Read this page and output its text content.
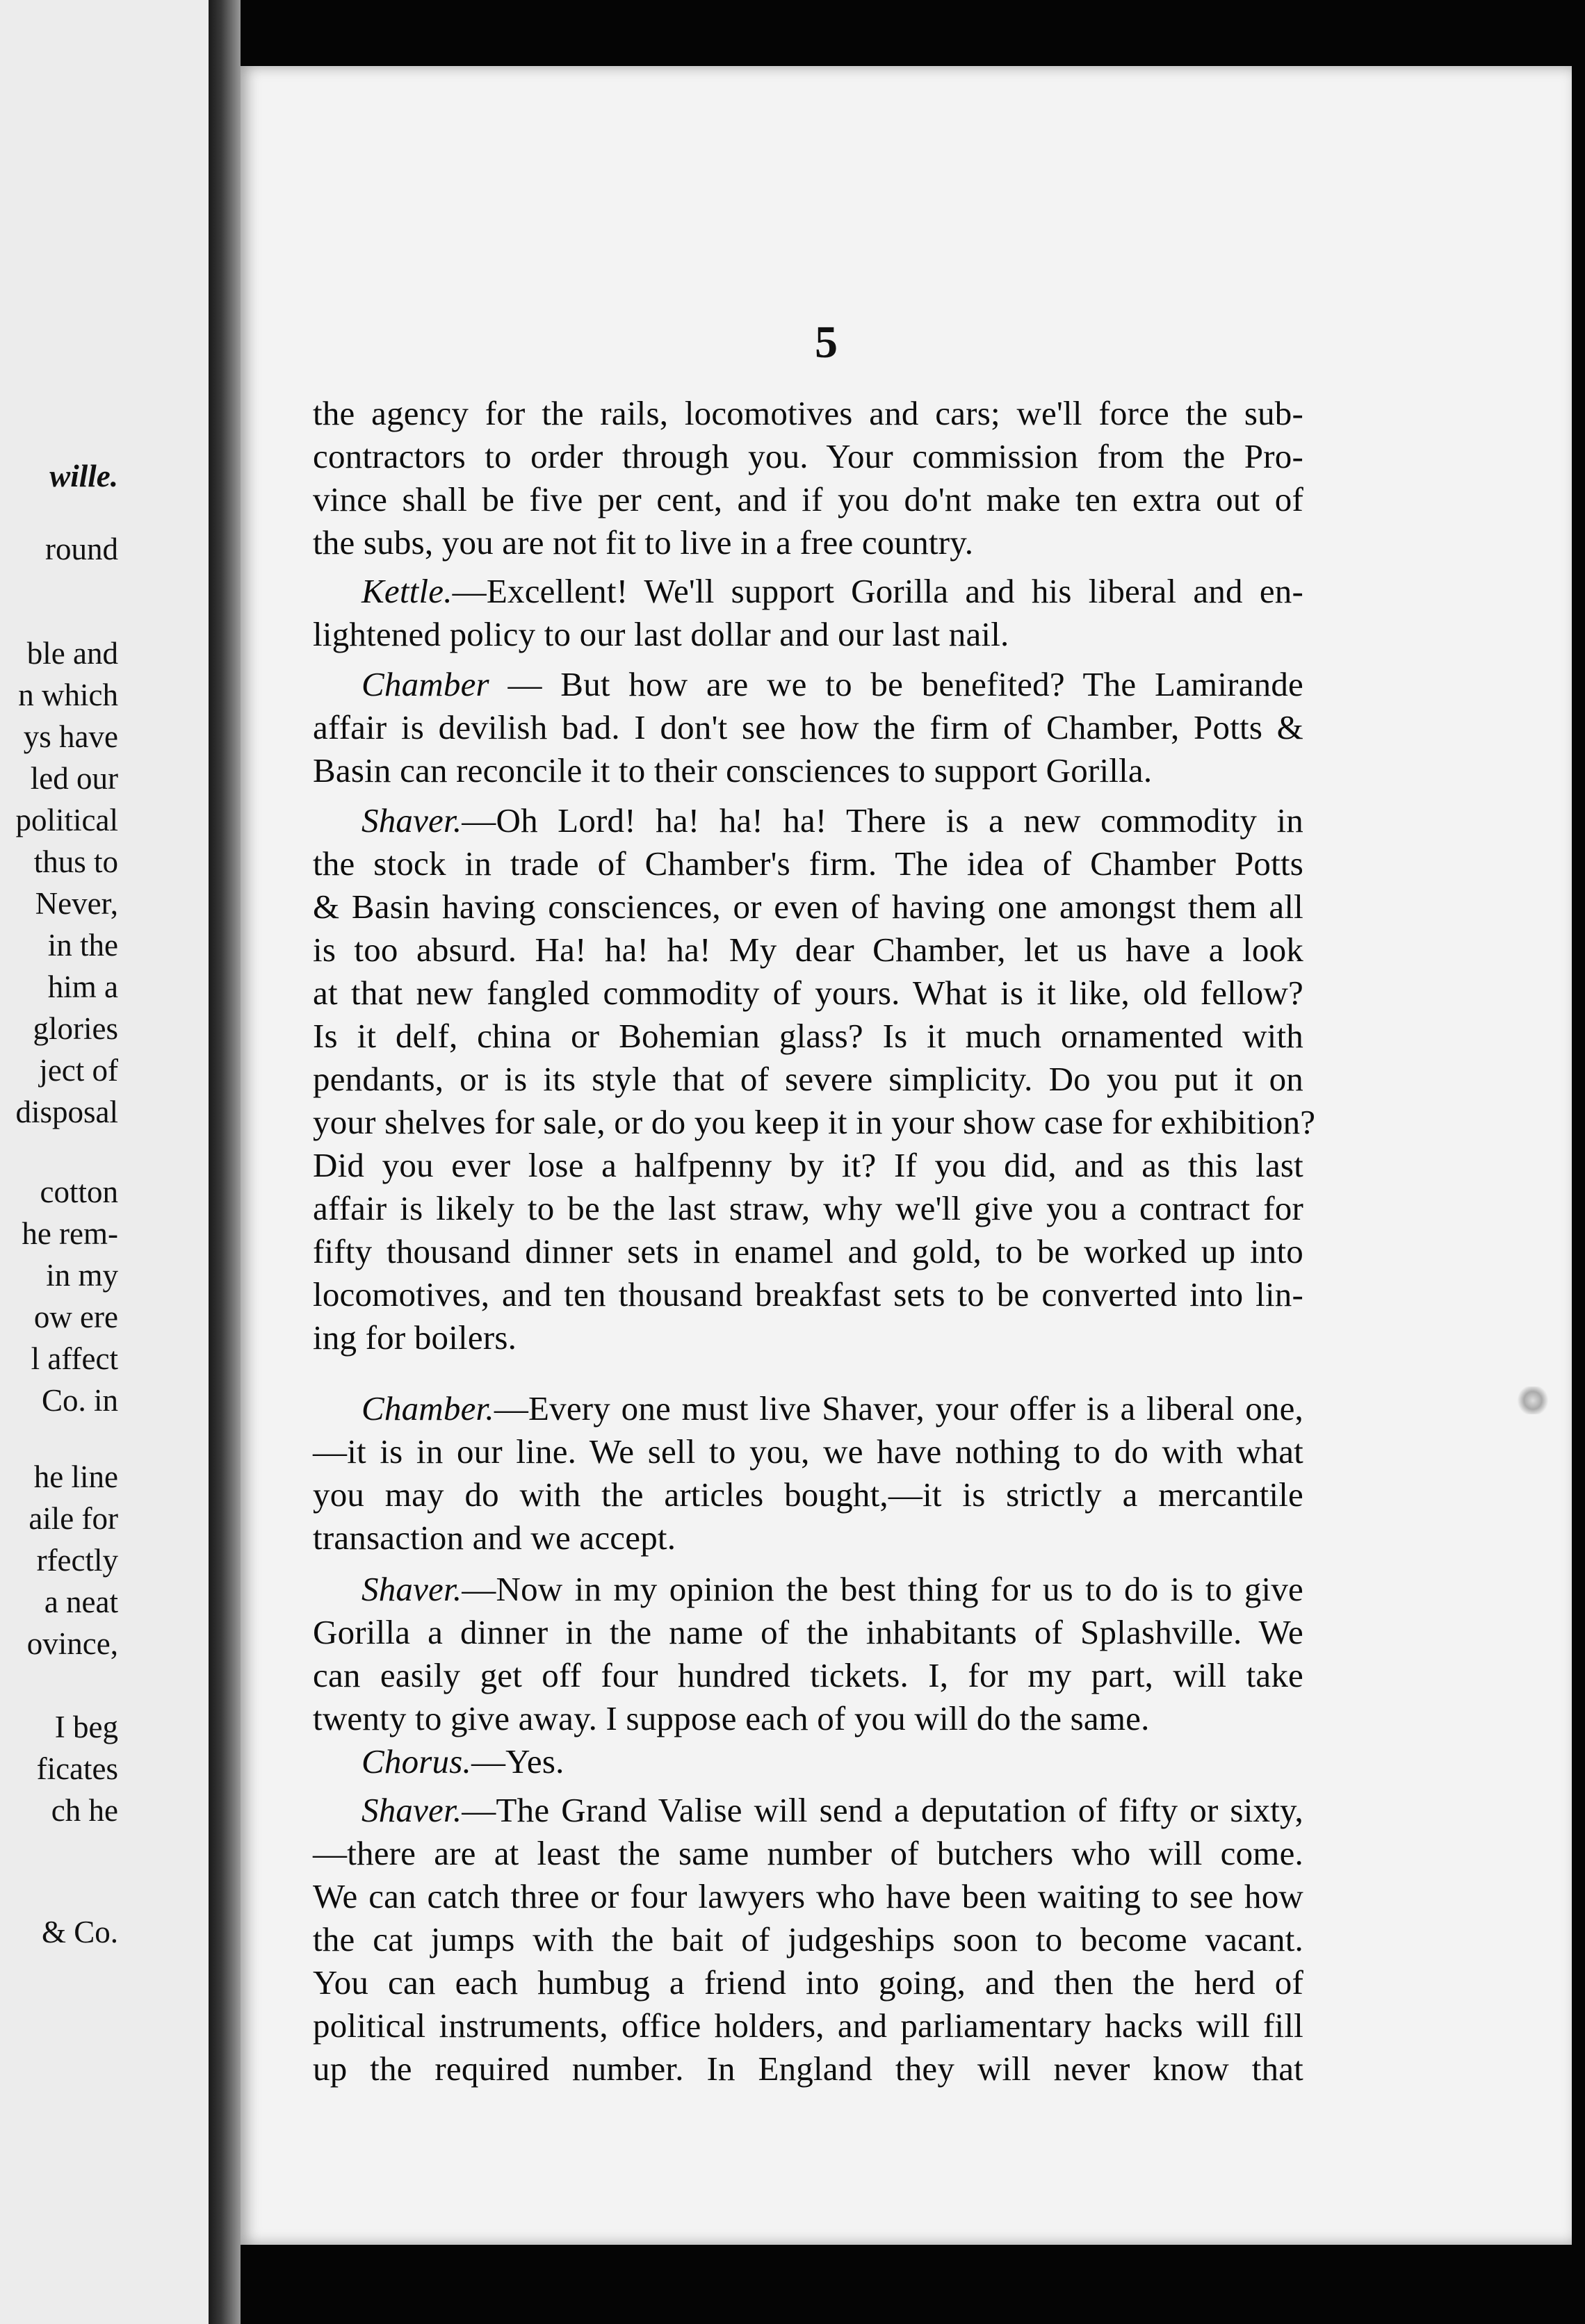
wille.
round
ble and
n which
ys have
led our
political
thus to
Never,
in the
him a
glories
ject of
disposal
cotton
he rem-
in my
ow ere
l affect
Co. in
he line
aile for
rfectly
a neat
ovince,
I beg
ficates
ch he
& Co.
5
the agency for the rails, locomotives and cars; we'll force the sub-
contractors to order through you. Your commission from the Pro-
vince shall be five per cent, and if you do'nt make ten extra out of
the subs, you are not fit to live in a free country.
Kettle.—Excellent! We'll support Gorilla and his liberal and en-
lightened policy to our last dollar and our last nail.
Chamber — But how are we to be benefited? The Lamirande
affair is devilish bad. I don't see how the firm of Chamber, Potts &
Basin can reconcile it to their consciences to support Gorilla.
Shaver.—Oh Lord! ha! ha! ha! There is a new commodity in
the stock in trade of Chamber's firm. The idea of Chamber Potts
& Basin having consciences, or even of having one amongst them all
is too absurd. Ha! ha! ha! My dear Chamber, let us have a look
at that new fangled commodity of yours. What is it like, old fellow?
Is it delf, china or Bohemian glass? Is it much ornamented with
pendants, or is its style that of severe simplicity. Do you put it on
your shelves for sale, or do you keep it in your show case for exhibition?
Did you ever lose a halfpenny by it? If you did, and as this last
affair is likely to be the last straw, why we'll give you a contract for
fifty thousand dinner sets in enamel and gold, to be worked up into
locomotives, and ten thousand breakfast sets to be converted into lin-
ing for boilers.
Chamber.—Every one must live Shaver, your offer is a liberal one,
—it is in our line. We sell to you, we have nothing to do with what
you may do with the articles bought,—it is strictly a mercantile
transaction and we accept.
Shaver.—Now in my opinion the best thing for us to do is to give
Gorilla a dinner in the name of the inhabitants of Splashville. We
can easily get off four hundred tickets. I, for my part, will take
twenty to give away. I suppose each of you will do the same.
Chorus.—Yes.
Shaver.—The Grand Valise will send a deputation of fifty or sixty,
—there are at least the same number of butchers who will come.
We can catch three or four lawyers who have been waiting to see how
the cat jumps with the bait of judgeships soon to become vacant.
You can each humbug a friend into going, and then the herd of
political instruments, office holders, and parliamentary hacks will fill
up the required number. In England they will never know that
